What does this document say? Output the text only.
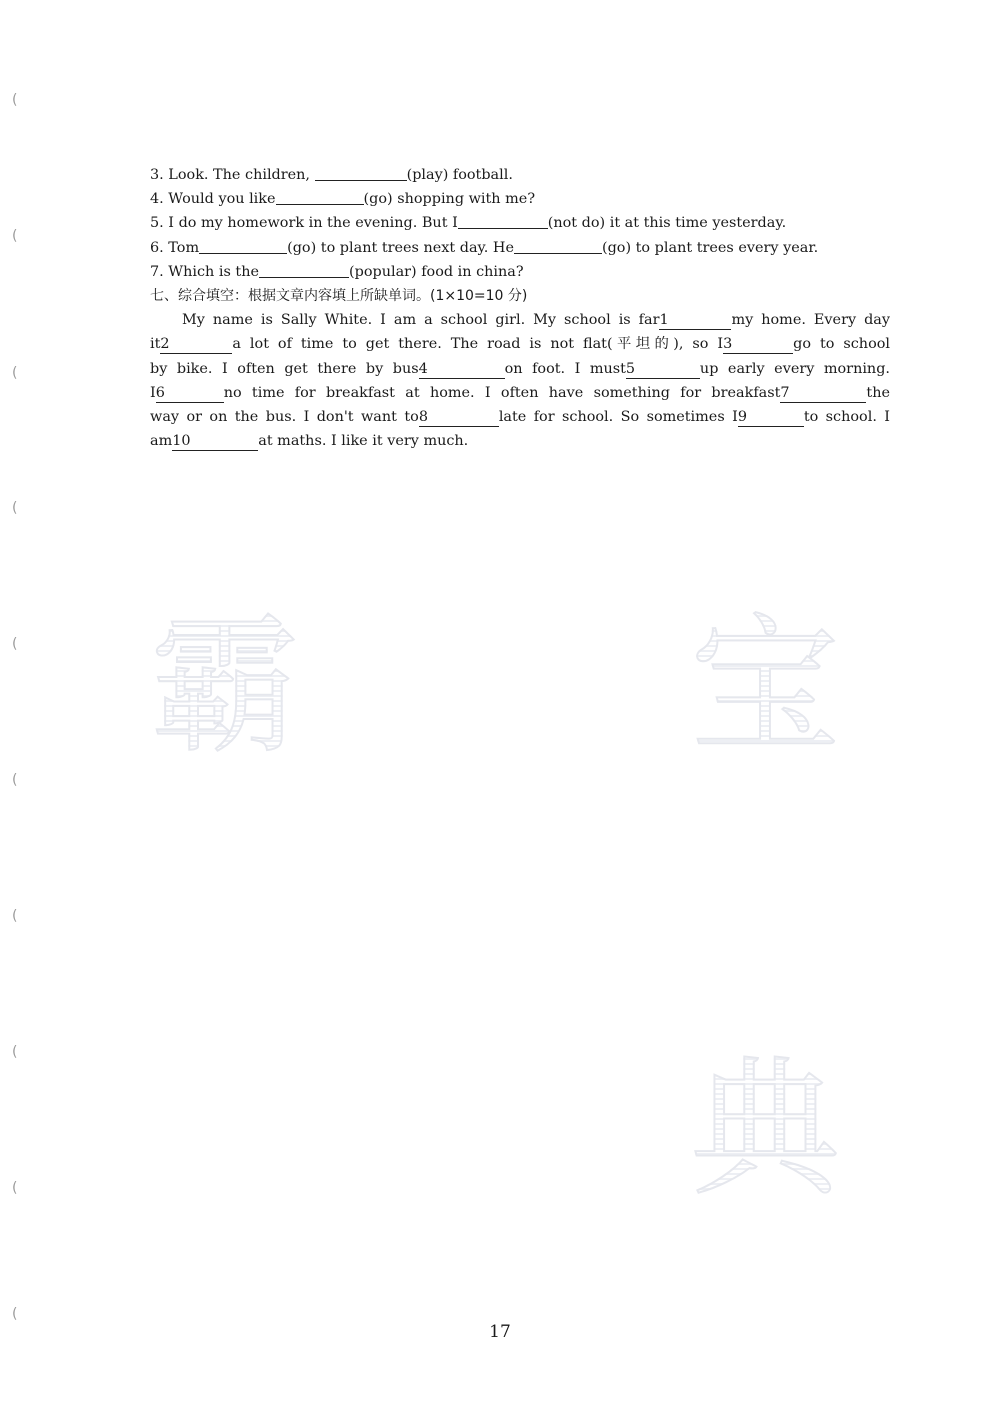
霸	宝
典
(
(
(
(
(
(
(
(
(
(
3. Look. The children,	(play) football.
4. Would you like	(go) shopping with me?
5. I do my homework in the evening. But I	(not do) it at this time yesterday.
6. Tom	(go) to plant trees next day. He	(go) to plant trees every year.
7. Which is the	(popular) food in china?
七、综合填空：根据文章内容填上所缺单词。(1×10=10 分)
My name is Sally White. I am a school girl. My school is far1	my home. Every day
it2	a lot of time to get there. The road is not flat(平坦的), so I3	go to school
by bike. I often get there by bus4	on foot. I must5	up early every morning.
I6	no time for breakfast at home. I often have something for breakfast7	the
way or on the bus. I don't want to8	late for school. So sometimes I9	to school. I
am10	at maths. I like it very much.
17
